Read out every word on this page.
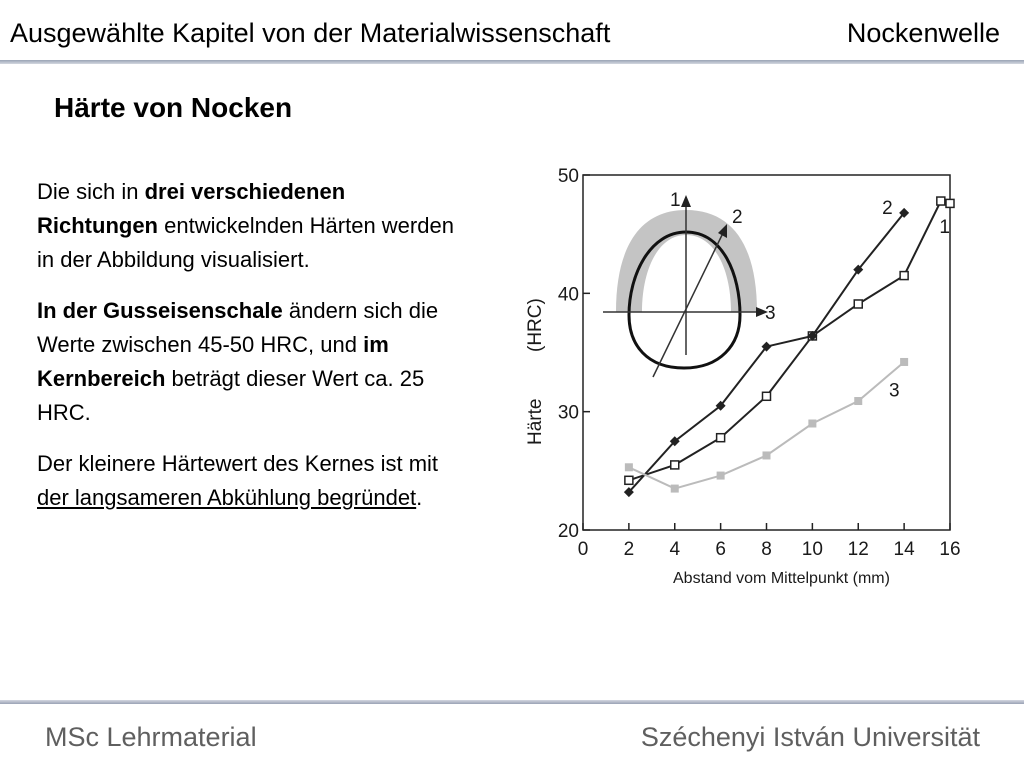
Ausgewählte Kapitel von der Materialwissenschaft	Nockenwelle
Härte von Nocken

Die sich in drei verschiedenen Richtungen entwickelnden Härten werden in der Abbildung visualisiert.

In der Gusseisenschale ändern sich die Werte zwischen 45-50 HRC, und im Kernbereich beträgt dieser Wert ca. 25 HRC.

Der kleinere Härtewert des Kernes ist mit der langsameren Abkühlung begründet.

1
2
3
0 2 4 6 8 10 12 14 16
20
30
40
50
1
2
3
Härte
(HRC)
Abstand vom Mittelpunkt (mm)
MSc Lehrmaterial	Széchenyi István Universität
